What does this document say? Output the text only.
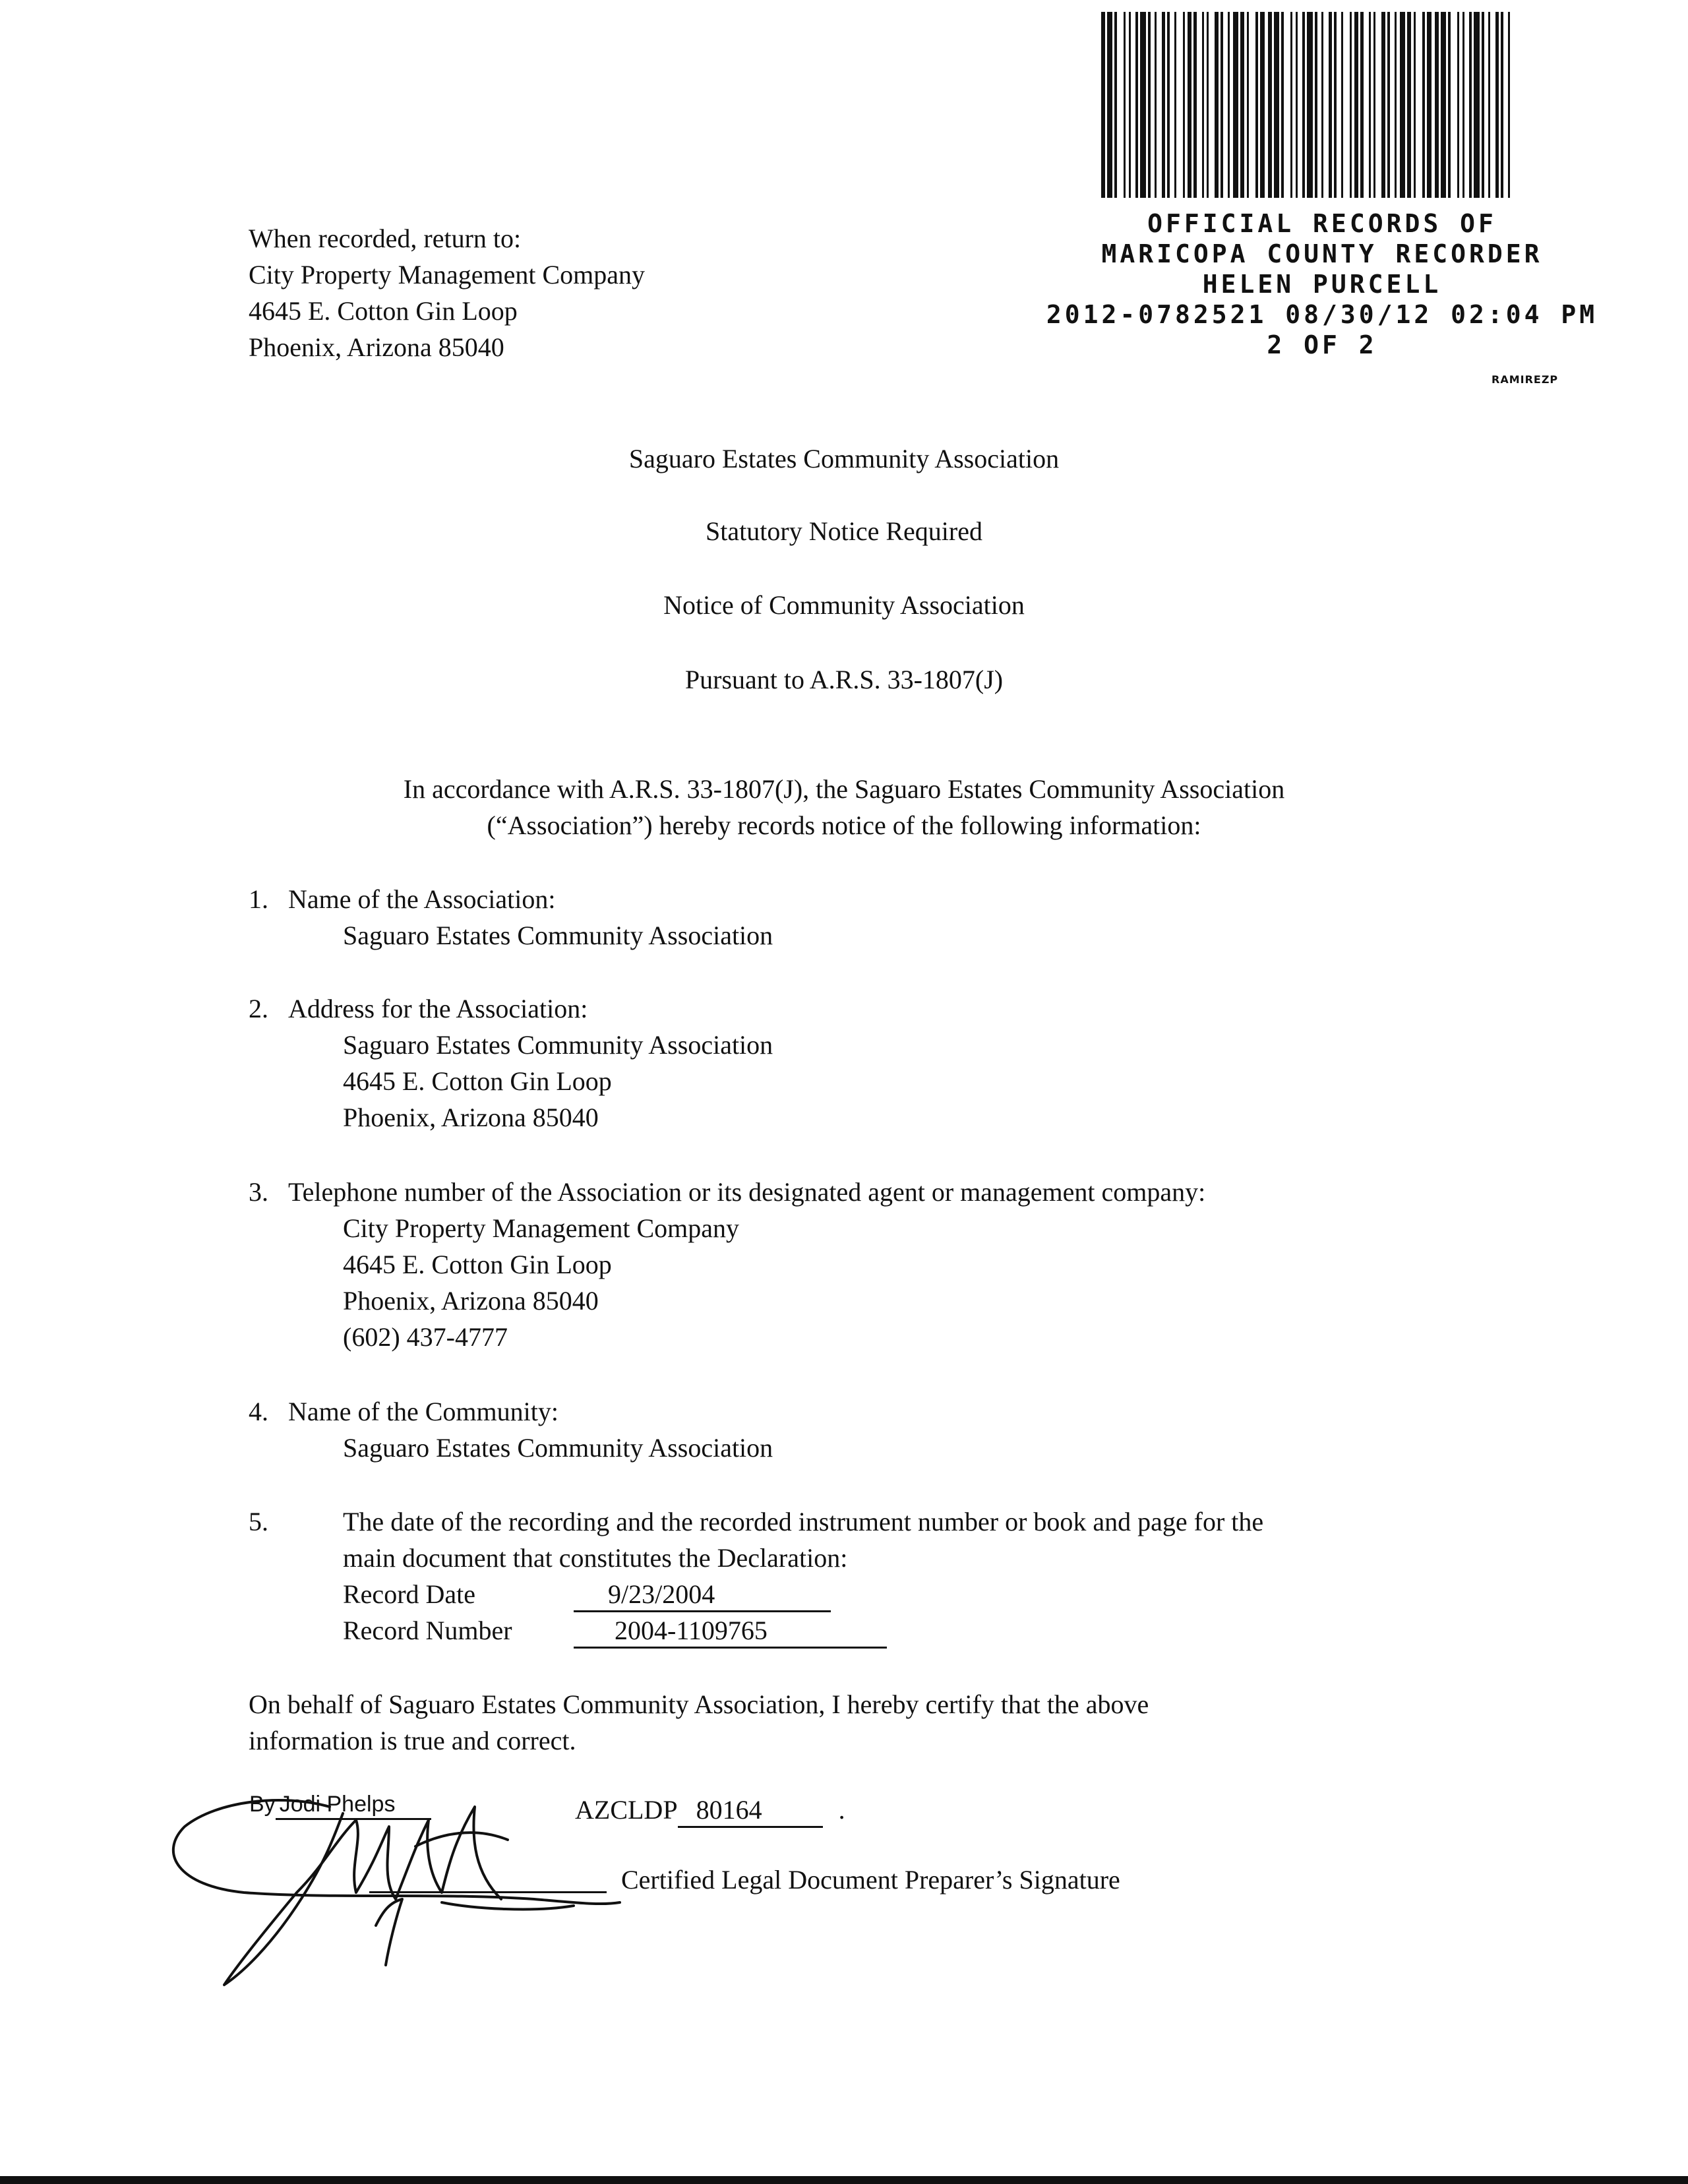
OFFICIAL RECORDS OF
MARICOPA COUNTY RECORDER
HELEN PURCELL
2012-0782521 08/30/12 02:04 PM
2 OF 2
RAMIREZP
When recorded, return to:
City Property Management Company
4645 E. Cotton Gin Loop
Phoenix, Arizona 85040
Saguaro Estates Community Association
Statutory Notice Required
Notice of Community Association
Pursuant to A.R.S. 33-1807(J)
In accordance with A.R.S. 33-1807(J), the Saguaro Estates Community Association
(“Association”) hereby records notice of the following information:
1. Name of the Association:
Saguaro Estates Community Association
2. Address for the Association:
Saguaro Estates Community Association
4645 E. Cotton Gin Loop
Phoenix, Arizona 85040
3. Telephone number of the Association or its designated agent or management company:
City Property Management Company
4645 E. Cotton Gin Loop
Phoenix, Arizona 85040
(602) 437-4777
4. Name of the Community:
Saguaro Estates Community Association
5.	The date of the recording and the recorded instrument number or book and page for the
main document that constitutes the Declaration:
Record Date	9/23/2004
Record Number	2004-1109765
On behalf of Saguaro Estates Community Association, I hereby certify that the above
information is true and correct.
By Jodi Phelps	AZCLDP 80164	.
Certified Legal Document Preparer’s Signature
